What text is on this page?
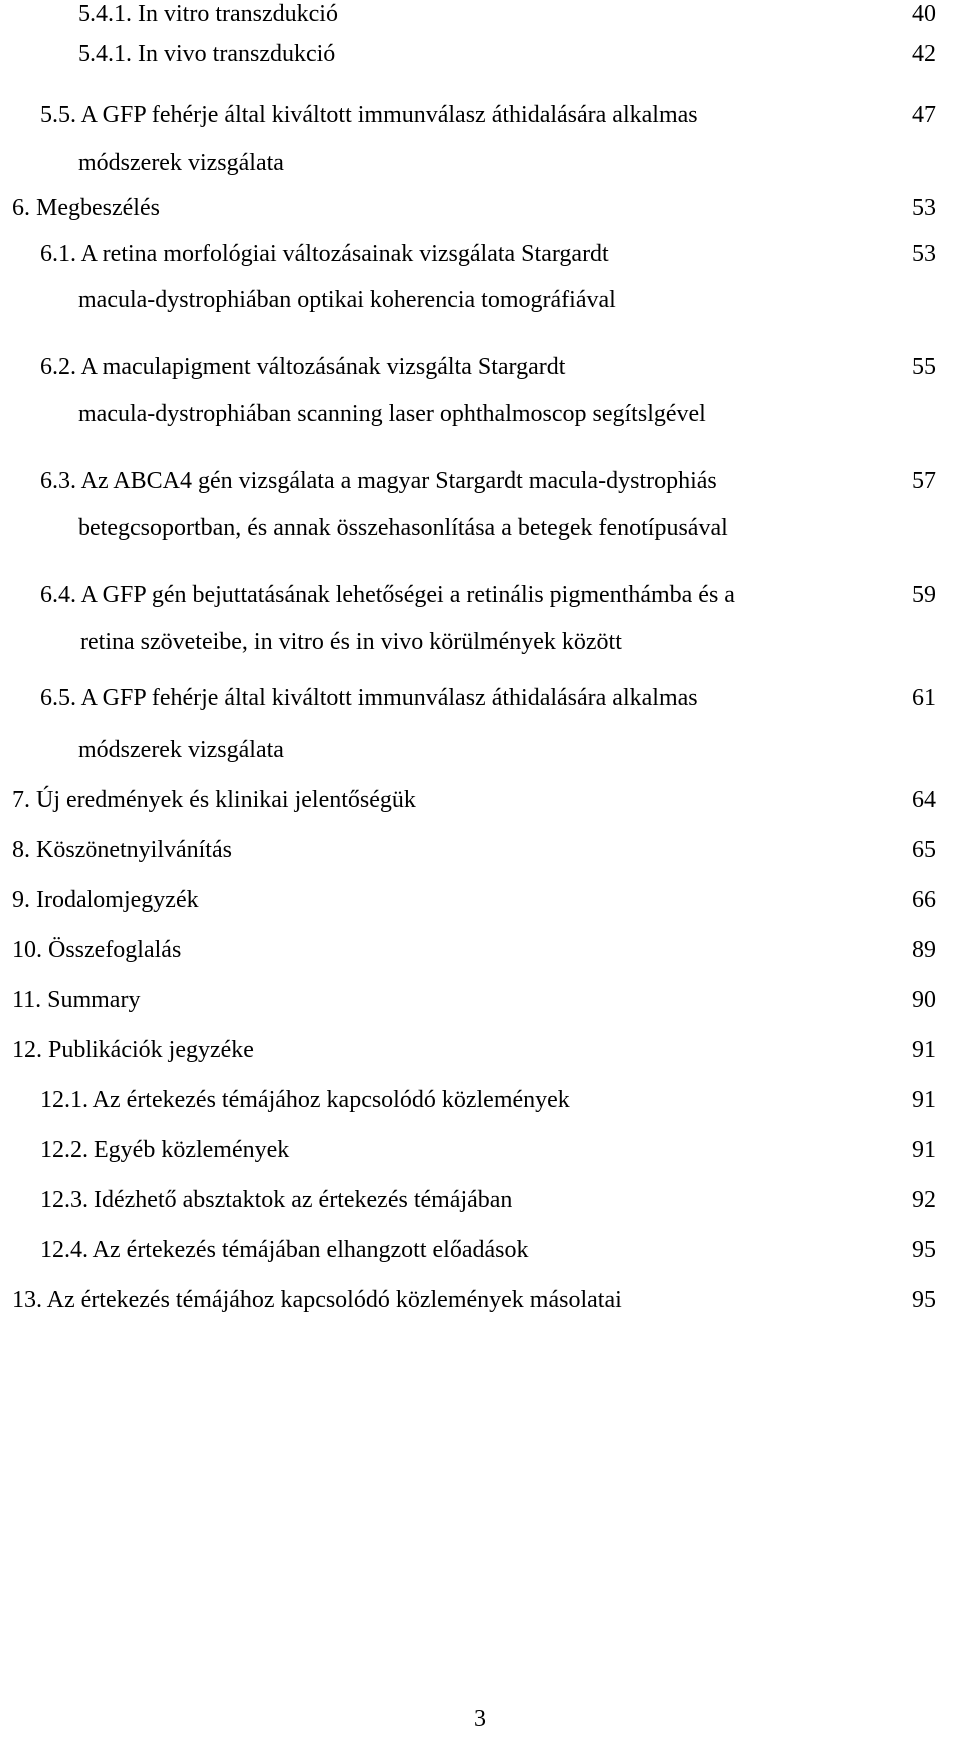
5.4.1. In vitro transzdukció	40
5.4.1. In vivo transzdukció	42
5.5. A GFP fehérje által kiváltott immunválasz áthidalására alkalmas	47
módszerek vizsgálata
6. Megbeszélés	53
6.1. A retina morfológiai változásainak vizsgálata Stargardt	53
macula-dystrophiában optikai koherencia tomográfiával
6.2. A maculapigment változásának vizsgálta Stargardt	55
macula-dystrophiában scanning laser ophthalmoscop segítslgével
6.3. Az ABCA4 gén vizsgálata a magyar Stargardt macula-dystrophiás	57
betegcsoportban, és annak összehasonlítása a betegek fenotípusával
6.4. A GFP gén bejuttatásának lehetőségei a retinális pigmenthámba és a	59
retina szöveteibe, in vitro és in vivo körülmények között
6.5. A GFP fehérje által kiváltott immunválasz áthidalására alkalmas	61
módszerek vizsgálata
7. Új eredmények és klinikai jelentőségük	64
8. Köszönetnyilvánítás	65
9. Irodalomjegyzék	66
10. Összefoglalás	89
11. Summary	90
12. Publikációk jegyzéke	91
12.1. Az értekezés témájához kapcsolódó közlemények	91
12.2. Egyéb közlemények	91
12.3. Idézhető absztaktok az értekezés témájában	92
12.4. Az értekezés témájában elhangzott előadások	95
13. Az értekezés témájához kapcsolódó közlemények másolatai	95
3
